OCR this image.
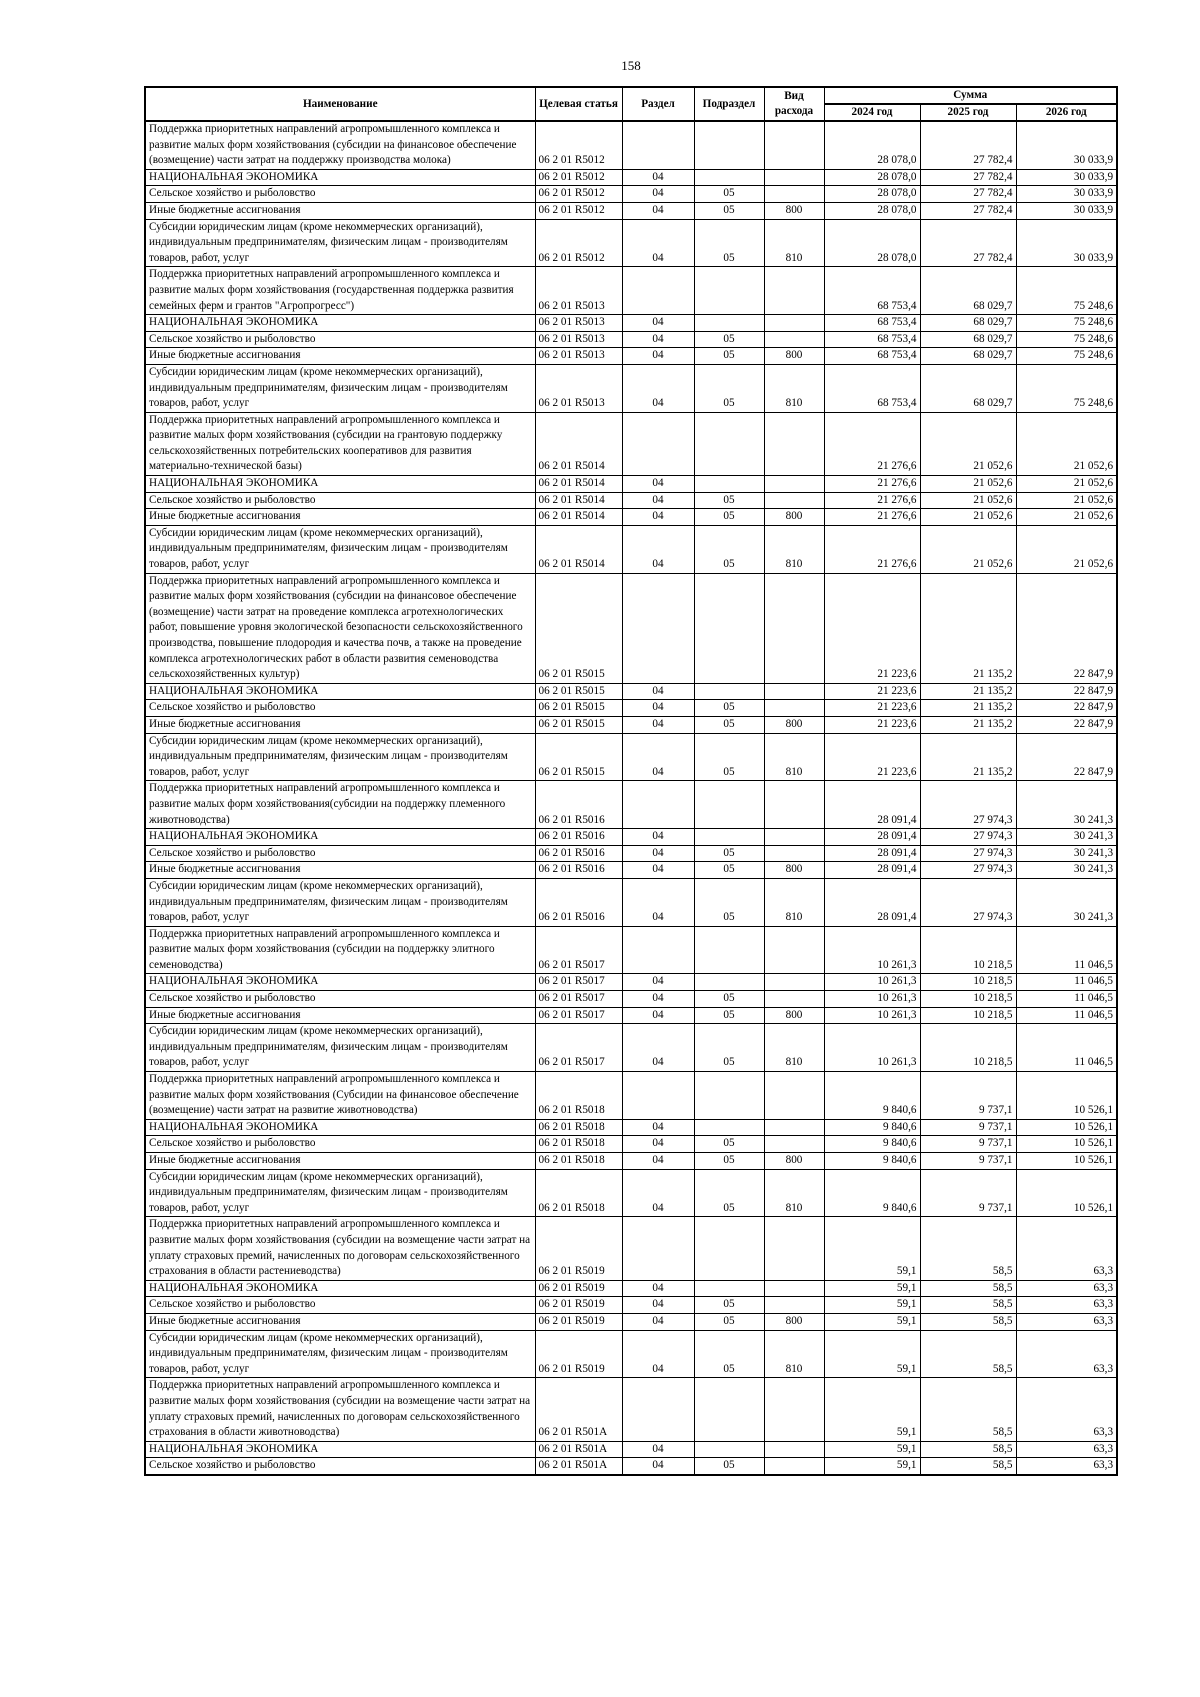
158
Наименование	Целевая статья	Раздел	Подраздел	Вид расхода	Сумма		
					2024 год	2025 год	2026 год
Поддержка приоритетных направлений агропромышленного комплекса и развитие малых форм хозяйствования (субсидии на финансовое обеспечение (возмещение) части затрат на поддержку производства молока)	06 2 01 R5012				28 078,0	27 782,4	30 033,9
НАЦИОНАЛЬНАЯ ЭКОНОМИКА	06 2 01 R5012	04			28 078,0	27 782,4	30 033,9
Сельское хозяйство и рыболовство	06 2 01 R5012	04	05		28 078,0	27 782,4	30 033,9
Иные бюджетные ассигнования	06 2 01 R5012	04	05	800	28 078,0	27 782,4	30 033,9
Субсидии юридическим лицам (кроме некоммерческих организаций), индивидуальным предпринимателям, физическим лицам - производителям товаров, работ, услуг	06 2 01 R5012	04	05	810	28 078,0	27 782,4	30 033,9
Поддержка приоритетных направлений агропромышленного комплекса и развитие малых форм хозяйствования (государственная поддержка развития семейных ферм и грантов "Агропрогресс")	06 2 01 R5013				68 753,4	68 029,7	75 248,6
НАЦИОНАЛЬНАЯ ЭКОНОМИКА	06 2 01 R5013	04			68 753,4	68 029,7	75 248,6
Сельское хозяйство и рыболовство	06 2 01 R5013	04	05		68 753,4	68 029,7	75 248,6
Иные бюджетные ассигнования	06 2 01 R5013	04	05	800	68 753,4	68 029,7	75 248,6
Субсидии юридическим лицам (кроме некоммерческих организаций), индивидуальным предпринимателям, физическим лицам - производителям товаров, работ, услуг	06 2 01 R5013	04	05	810	68 753,4	68 029,7	75 248,6
Поддержка приоритетных направлений агропромышленного комплекса и развитие малых форм хозяйствования (субсидии на грантовую поддержку сельскохозяйственных потребительских кооперативов для развития материально-технической базы)	06 2 01 R5014				21 276,6	21 052,6	21 052,6
НАЦИОНАЛЬНАЯ ЭКОНОМИКА	06 2 01 R5014	04			21 276,6	21 052,6	21 052,6
Сельское хозяйство и рыболовство	06 2 01 R5014	04	05		21 276,6	21 052,6	21 052,6
Иные бюджетные ассигнования	06 2 01 R5014	04	05	800	21 276,6	21 052,6	21 052,6
Субсидии юридическим лицам (кроме некоммерческих организаций), индивидуальным предпринимателям, физическим лицам - производителям товаров, работ, услуг	06 2 01 R5014	04	05	810	21 276,6	21 052,6	21 052,6
Поддержка приоритетных направлений агропромышленного комплекса и развитие малых форм хозяйствования (субсидии на финансовое обеспечение (возмещение) части затрат на проведение комплекса агротехнологических работ, повышение уровня экологической безопасности сельскохозяйственного производства, повышение плодородия и качества почв, а также на проведение комплекса агротехнологических работ в области развития семеноводства сельскохозяйственных культур)	06 2 01 R5015				21 223,6	21 135,2	22 847,9
НАЦИОНАЛЬНАЯ ЭКОНОМИКА	06 2 01 R5015	04			21 223,6	21 135,2	22 847,9
Сельское хозяйство и рыболовство	06 2 01 R5015	04	05		21 223,6	21 135,2	22 847,9
Иные бюджетные ассигнования	06 2 01 R5015	04	05	800	21 223,6	21 135,2	22 847,9
Субсидии юридическим лицам (кроме некоммерческих организаций), индивидуальным предпринимателям, физическим лицам - производителям товаров, работ, услуг	06 2 01 R5015	04	05	810	21 223,6	21 135,2	22 847,9
Поддержка приоритетных направлений агропромышленного комплекса и развитие малых форм хозяйствования(субсидии на поддержку племенного животноводства)	06 2 01 R5016				28 091,4	27 974,3	30 241,3
НАЦИОНАЛЬНАЯ ЭКОНОМИКА	06 2 01 R5016	04			28 091,4	27 974,3	30 241,3
Сельское хозяйство и рыболовство	06 2 01 R5016	04	05		28 091,4	27 974,3	30 241,3
Иные бюджетные ассигнования	06 2 01 R5016	04	05	800	28 091,4	27 974,3	30 241,3
Субсидии юридическим лицам (кроме некоммерческих организаций), индивидуальным предпринимателям, физическим лицам - производителям товаров, работ, услуг	06 2 01 R5016	04	05	810	28 091,4	27 974,3	30 241,3
Поддержка приоритетных направлений агропромышленного комплекса и развитие малых форм хозяйствования (субсидии на поддержку элитного семеноводства)	06 2 01 R5017				10 261,3	10 218,5	11 046,5
НАЦИОНАЛЬНАЯ ЭКОНОМИКА	06 2 01 R5017	04			10 261,3	10 218,5	11 046,5
Сельское хозяйство и рыболовство	06 2 01 R5017	04	05		10 261,3	10 218,5	11 046,5
Иные бюджетные ассигнования	06 2 01 R5017	04	05	800	10 261,3	10 218,5	11 046,5
Субсидии юридическим лицам (кроме некоммерческих организаций), индивидуальным предпринимателям, физическим лицам - производителям товаров, работ, услуг	06 2 01 R5017	04	05	810	10 261,3	10 218,5	11 046,5
Поддержка приоритетных направлений агропромышленного комплекса и развитие малых форм хозяйствования (Субсидии на финансовое обеспечение (возмещение) части затрат на развитие животноводства)	06 2 01 R5018				9 840,6	9 737,1	10 526,1
НАЦИОНАЛЬНАЯ ЭКОНОМИКА	06 2 01 R5018	04			9 840,6	9 737,1	10 526,1
Сельское хозяйство и рыболовство	06 2 01 R5018	04	05		9 840,6	9 737,1	10 526,1
Иные бюджетные ассигнования	06 2 01 R5018	04	05	800	9 840,6	9 737,1	10 526,1
Субсидии юридическим лицам (кроме некоммерческих организаций), индивидуальным предпринимателям, физическим лицам - производителям товаров, работ, услуг	06 2 01 R5018	04	05	810	9 840,6	9 737,1	10 526,1
Поддержка приоритетных направлений агропромышленного комплекса и развитие малых форм хозяйствования (субсидии на возмещение части затрат на уплату страховых премий, начисленных по договорам сельскохозяйственного страхования в области растениеводства)	06 2 01 R5019				59,1	58,5	63,3
НАЦИОНАЛЬНАЯ ЭКОНОМИКА	06 2 01 R5019	04			59,1	58,5	63,3
Сельское хозяйство и рыболовство	06 2 01 R5019	04	05		59,1	58,5	63,3
Иные бюджетные ассигнования	06 2 01 R5019	04	05	800	59,1	58,5	63,3
Субсидии юридическим лицам (кроме некоммерческих организаций), индивидуальным предпринимателям, физическим лицам - производителям товаров, работ, услуг	06 2 01 R5019	04	05	810	59,1	58,5	63,3
Поддержка приоритетных направлений агропромышленного комплекса и развитие малых форм хозяйствования (субсидии на возмещение части затрат на уплату страховых премий, начисленных по договорам сельскохозяйственного страхования в области животноводства)	06 2 01 R501A				59,1	58,5	63,3
НАЦИОНАЛЬНАЯ ЭКОНОМИКА	06 2 01 R501A	04			59,1	58,5	63,3
Сельское хозяйство и рыболовство	06 2 01 R501A	04	05		59,1	58,5	63,3
